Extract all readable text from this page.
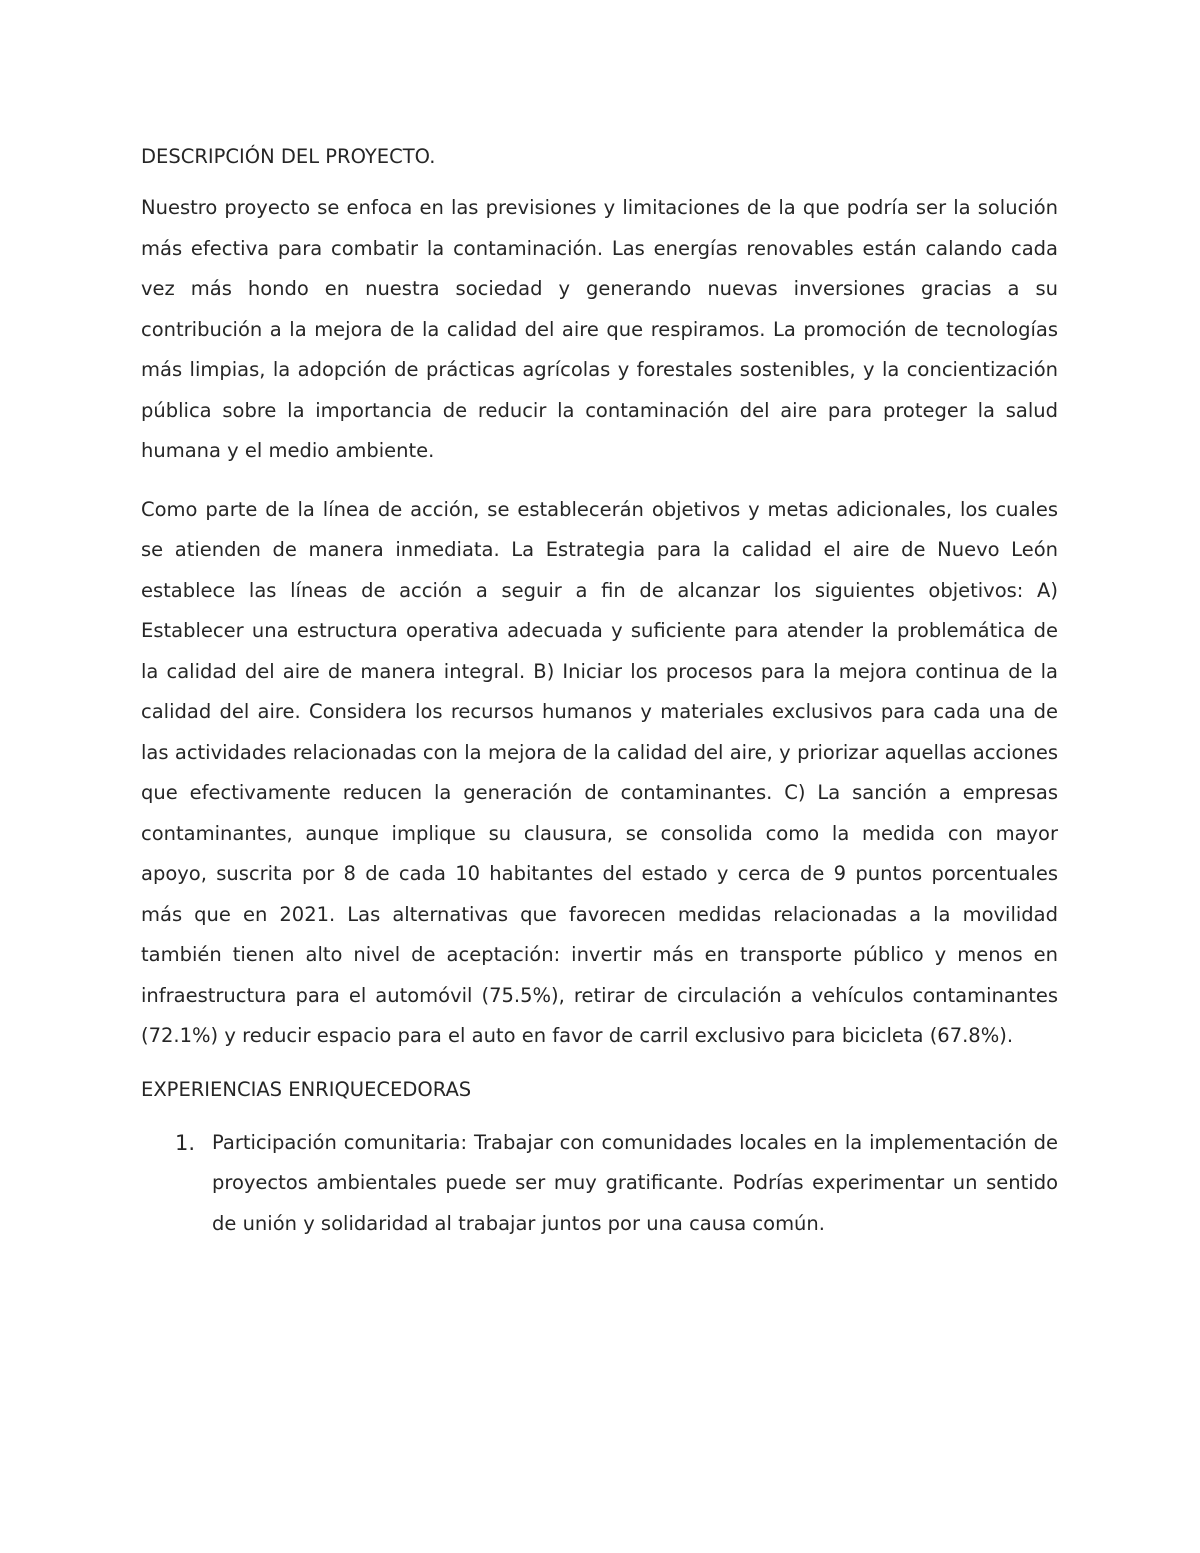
DESCRIPCIÓN DEL PROYECTO.

Nuestro proyecto se enfoca en las previsiones y limitaciones de la que podría ser la solución más efectiva para combatir la contaminación. Las energías renovables están calando cada vez más hondo en nuestra sociedad y generando nuevas inversiones gracias a su contribución a la mejora de la calidad del aire que respiramos. La promoción de tecnologías más limpias, la adopción de prácticas agrícolas y forestales sostenibles, y la concientización pública sobre la importancia de reducir la contaminación del aire para proteger la salud humana y el medio ambiente.

Como parte de la línea de acción, se establecerán objetivos y metas adicionales, los cuales se atienden de manera inmediata. La Estrategia para la calidad el aire de Nuevo León establece las líneas de acción a seguir a fin de alcanzar los siguientes objetivos: A) Establecer una estructura operativa adecuada y suficiente para atender la problemática de la calidad del aire de manera integral. B) Iniciar los procesos para la mejora continua de la calidad del aire. Considera los recursos humanos y materiales exclusivos para cada una de las actividades relacionadas con la mejora de la calidad del aire, y priorizar aquellas acciones que efectivamente reducen la generación de contaminantes. C) La sanción a empresas contaminantes, aunque implique su clausura, se consolida como la medida con mayor apoyo, suscrita por 8 de cada 10 habitantes del estado y cerca de 9 puntos porcentuales más que en 2021. Las alternativas que favorecen medidas relacionadas a la movilidad también tienen alto nivel de aceptación: invertir más en transporte público y menos en infraestructura para el automóvil (75.5%), retirar de circulación a vehículos contaminantes (72.1%) y reducir espacio para el auto en favor de carril exclusivo para bicicleta (67.8%).

EXPERIENCIAS ENRIQUECEDORAS
1. Participación comunitaria: Trabajar con comunidades locales en la implementación de proyectos ambientales puede ser muy gratificante. Podrías experimentar un sentido de unión y solidaridad al trabajar juntos por una causa común.
